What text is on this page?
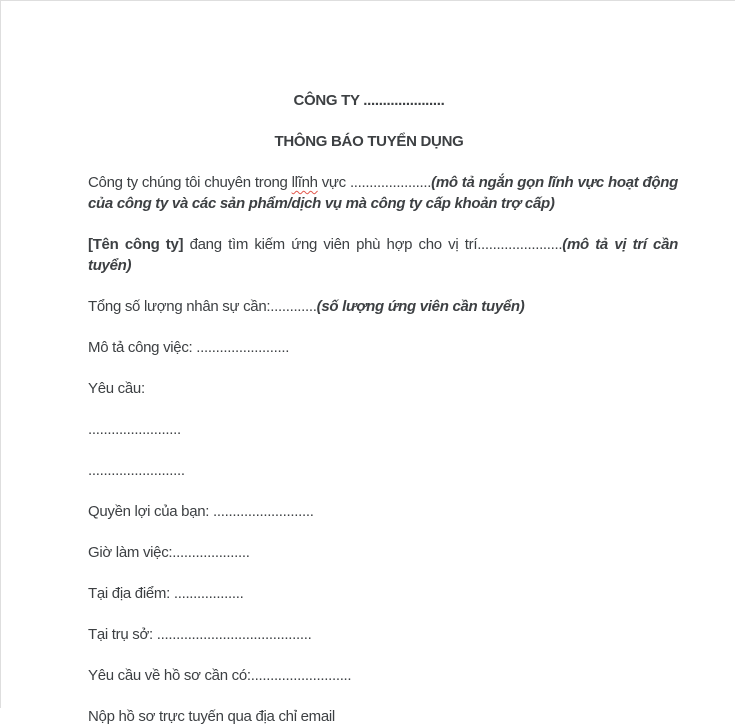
CÔNG TY .....................

THÔNG BÁO TUYỂN DỤNG

Công ty chúng tôi chuyên trong llĩnh vực .....................(mô tả ngắn gọn lĩnh vực hoạt động của công ty và các sản phẩm/dịch vụ mà công ty cấp khoản trợ cấp)

[Tên công ty] đang tìm kiếm ứng viên phù hợp cho vị trí......................(mô tả vị trí cần tuyển)

Tổng số lượng nhân sự cần:............(số lượng ứng viên cần tuyển)

Mô tả công việc: ........................

Yêu cầu:

........................

.........................

Quyền lợi của bạn: ..........................

Giờ làm việc:....................

Tại địa điểm: ..................

Tại trụ sở: ........................................

Yêu cầu về hồ sơ cần có:..........................

Nộp hồ sơ trực tuyến qua địa chỉ email
